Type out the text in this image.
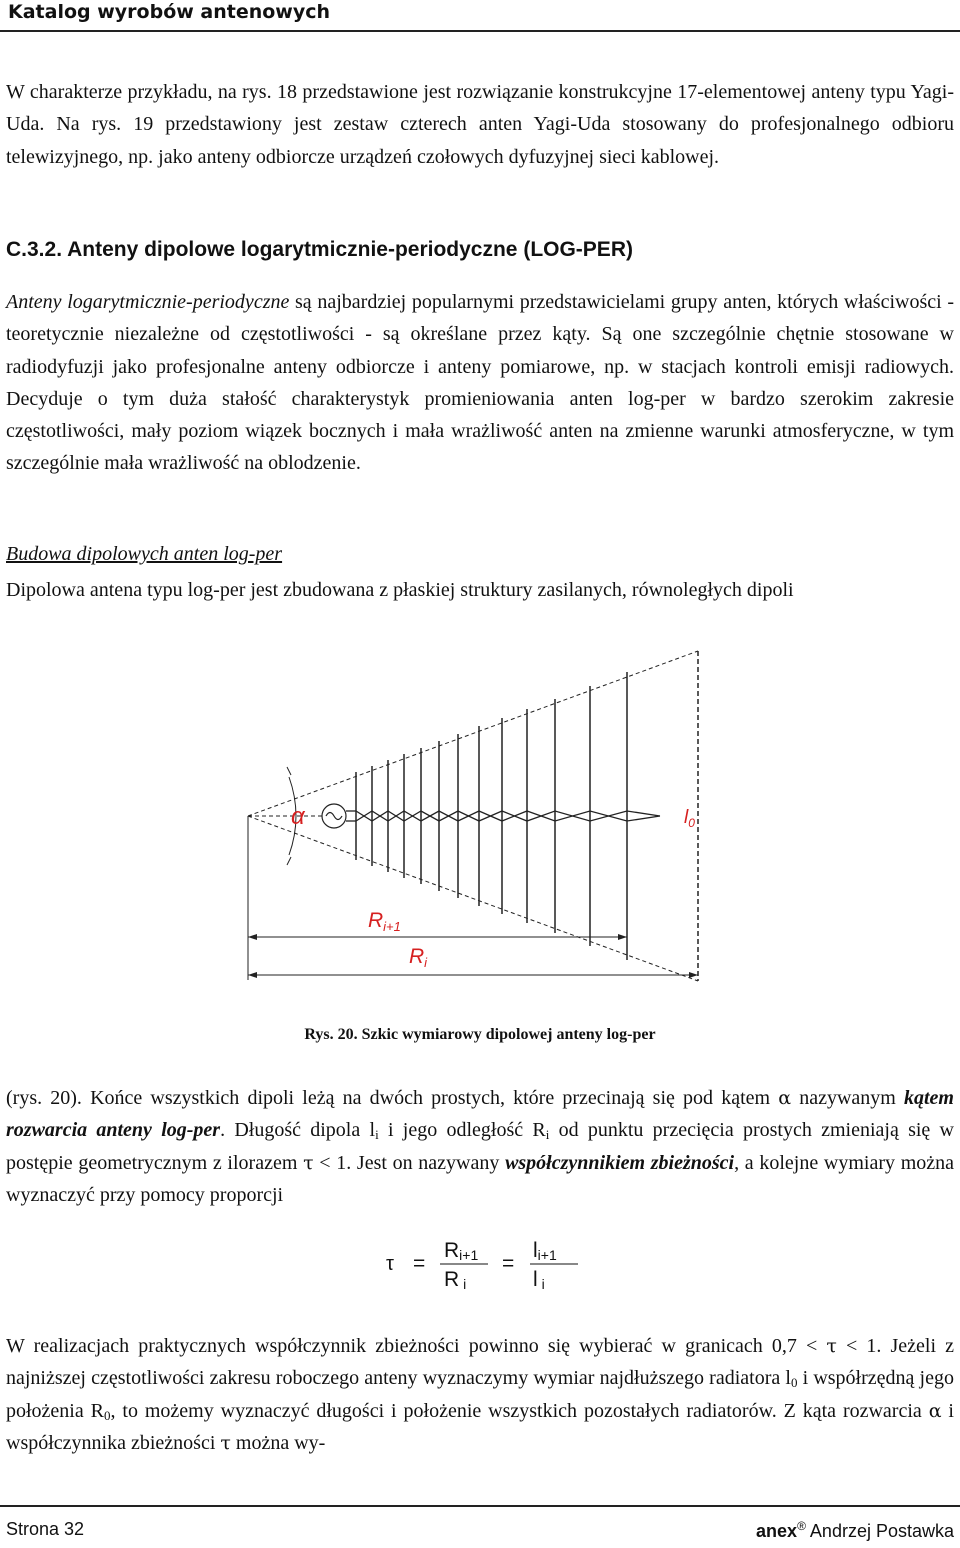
Katalog wyrobów antenowych

W charakterze przykładu, na rys. 18 przedstawione jest rozwiązanie konstrukcyjne 17-elementowej anteny typu Yagi-Uda. Na rys. 19 przedstawiony jest zestaw czterech anten Yagi-Uda stosowany do profesjonalnego odbioru telewizyjnego, np. jako anteny odbiorcze urządzeń czołowych dyfuzyjnej sieci kablowej.

C.3.2. Anteny dipolowe logarytmicznie-periodyczne (LOG-PER)

Anteny logarytmicznie-periodyczne są najbardziej popularnymi przedstawicielami grupy anten, których właściwości - teoretycznie niezależne od częstotliwości - są określane przez kąty. Są one szczególnie chętnie stosowane w radiodyfuzji jako profesjonalne anteny odbiorcze i anteny pomiarowe, np. w stacjach kontroli emisji radiowych. Decyduje o tym duża stałość charakterystyk promieniowania anten log-per w bardzo szerokim zakresie częstotliwości, mały poziom wiązek bocznych i mała wrażliwość anten na zmienne warunki atmosferyczne, w tym szczególnie mała wrażliwość na oblodzenie.

Budowa dipolowych anten log-per

Dipolowa antena typu log-per jest zbudowana z płaskiej struktury zasilanych, równoległych dipoli

α	$l_0$
Ri+1
Ri
Rys. 20. Szkic wymiarowy dipolowej anteny log-per

(rys. 20). Końce wszystkich dipoli leżą na dwóch prostych, które przecinają się pod kątem α nazywanym kątem rozwarcia anteny log-per. Długość dipola $l_i$ i jego odległość $R_i$ od punktu przecięcia prostych zmieniają się w postępie geometrycznym z ilorazem τ < 1. Jest on nazywany współczynnikiem zbieżności, a kolejne wymiary można wyznaczyć przy pomocy proporcji

τ =
Ri+1
Ri
=
li+1
li

W realizacjach praktycznych współczynnik zbieżności powinno się wybierać w granicach 0,7 < τ < 1. Jeżeli z najniższej częstotliwości zakresu roboczego anteny wyznaczymy wymiar najdłuższego radiatora $l_0$ i współrzędną jego położenia $R_0$, to możemy wyznaczyć długości i położenie wszystkich pozostałych radiatorów. Z kąta rozwarcia α i współczynnika zbieżności τ można wy-

Strona 32	anex® Andrzej Postawka
